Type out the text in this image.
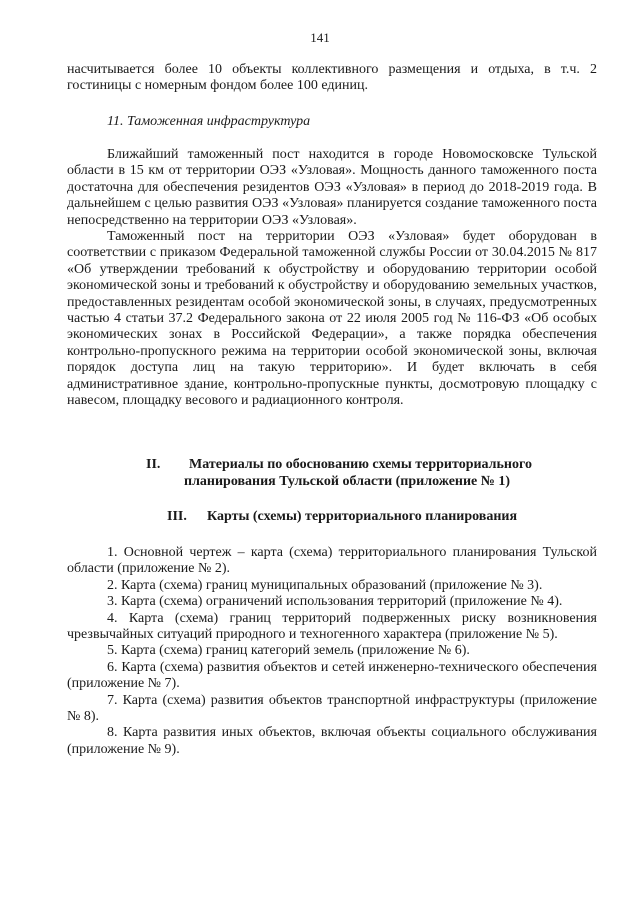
141

насчитывается более 10 объекты коллективного размещения и отдыха, в т.ч. 2 гостиницы с номерным фондом более 100 единиц.

11. Таможенная инфраструктура

Ближайший таможенный пост находится в городе Новомосковске Тульской области в 15 км от территории ОЭЗ «Узловая». Мощность данного таможенного поста достаточна для обеспечения резидентов ОЭЗ «Узловая» в период до 2018-2019 года. В дальнейшем с целью развития ОЭЗ «Узловая» планируется создание таможенного поста непосредственно на территории ОЭЗ «Узловая».

Таможенный пост на территории ОЭЗ «Узловая» будет оборудован в соответствии с приказом Федеральной таможенной службы России от 30.04.2015 № 817 «Об утверждении требований к обустройству и оборудованию территории особой экономической зоны и требований к обустройству и оборудованию земельных участков, предоставленных резидентам особой экономической зоны, в случаях, предусмотренных частью 4 статьи 37.2 Федерального закона от 22 июля 2005 год № 116-ФЗ «Об особых экономических зонах в Российской Федерации», а также порядка обеспечения контрольно-пропускного режима на территории особой экономической зоны, включая порядок доступа лиц на такую территорию». И будет включать в себя административное здание, контрольно-пропускные пункты, досмотровую площадку с навесом, площадку весового и радиационного контроля.

II. Материалы по обоснованию схемы территориального
планирования Тульской области (приложение № 1)
III. Карты (схемы) территориального планирования

1. Основной чертеж – карта (схема) территориального планирования Тульской области (приложение № 2).

2. Карта (схема) границ муниципальных образований (приложение № 3).

3. Карта (схема) ограничений использования территорий (приложение № 4).

4. Карта (схема) границ территорий подверженных риску возникновения чрезвычайных ситуаций природного и техногенного характера (приложение № 5).

5. Карта (схема) границ категорий земель (приложение № 6).

6. Карта (схема) развития объектов и сетей инженерно-технического обеспечения (приложение № 7).

7. Карта (схема) развития объектов транспортной инфраструктуры (приложение № 8).

8. Карта развития иных объектов, включая объекты социального обслуживания (приложение № 9).
